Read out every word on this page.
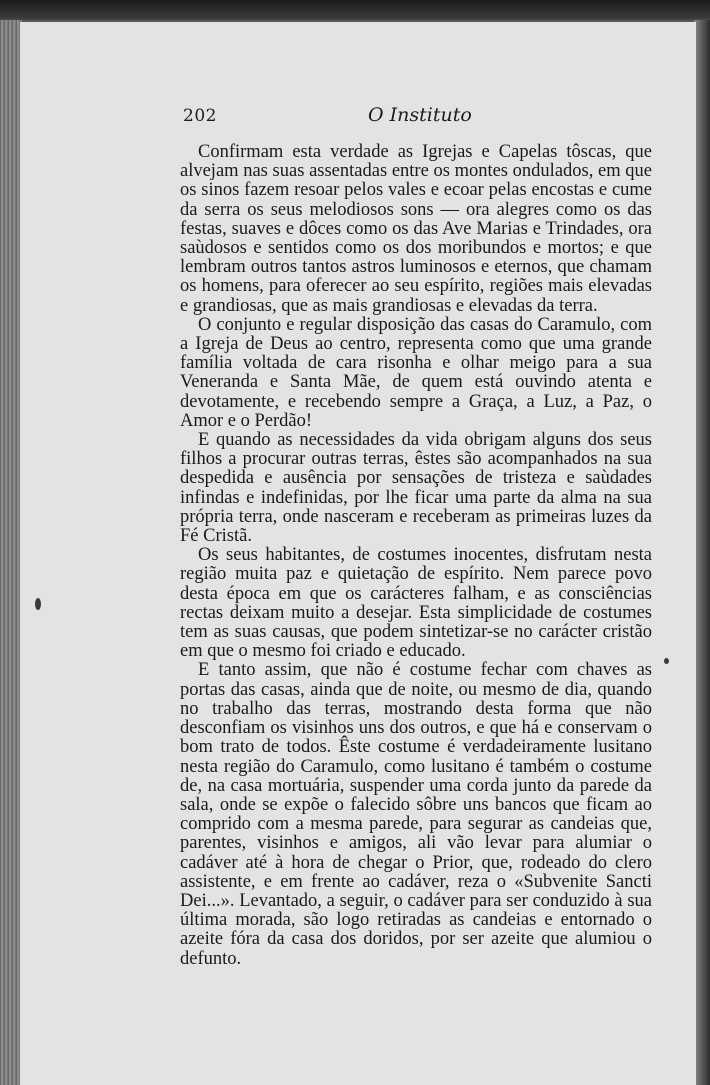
202	O Instituto

Confirmam esta verdade as Igrejas e Capelas tôscas, que alvejam nas suas assentadas entre os montes ondulados, em que os sinos fazem resoar pelos vales e ecoar pelas encostas e cume da serra os seus melodiosos sons — ora alegres como os das festas, suaves e dôces como os das Ave Marias e Trindades, ora saùdosos e sentidos como os dos moribundos e mortos; e que lembram outros tantos astros luminosos e eternos, que chamam os homens, para oferecer ao seu espírito, regiões mais elevadas e grandiosas, que as mais grandiosas e elevadas da terra.

O conjunto e regular disposição das casas do Caramulo, com a Igreja de Deus ao centro, representa como que uma grande família voltada de cara risonha e olhar meigo para a sua Veneranda e Santa Mãe, de quem está ouvindo atenta e devotamente, e recebendo sempre a Graça, a Luz, a Paz, o Amor e o Perdão!

E quando as necessidades da vida obrigam alguns dos seus filhos a procurar outras terras, êstes são acompanhados na sua despedida e ausência por sensações de tristeza e saùdades infindas e indefinidas, por lhe ficar uma parte da alma na sua própria terra, onde nasceram e receberam as primeiras luzes da Fé Cristã.

Os seus habitantes, de costumes inocentes, disfrutam nesta região muita paz e quietação de espírito. Nem parece povo desta época em que os carácteres falham, e as consciências rectas deixam muito a desejar. Esta simplicidade de costumes tem as suas causas, que podem sintetizar-se no carácter cristão em que o mesmo foi criado e educado.

E tanto assim, que não é costume fechar com chaves as portas das casas, ainda que de noite, ou mesmo de dia, quando no trabalho das terras, mostrando desta forma que não desconfiam os visinhos uns dos outros, e que há e conservam o bom trato de todos. Êste costume é verdadeiramente lusitano nesta região do Caramulo, como lusitano é também o costume de, na casa mortuária, suspender uma corda junto da parede da sala, onde se expõe o falecido sôbre uns bancos que ficam ao comprido com a mesma parede, para segurar as candeias que, parentes, visinhos e amigos, ali vão levar para alumiar o cadáver até à hora de chegar o Prior, que, rodeado do clero assistente, e em frente ao cadáver, reza o «Subvenite Sancti Dei...». Levantado, a seguir, o cadáver para ser conduzido à sua última morada, são logo retiradas as candeias e entornado o azeite fóra da casa dos doridos, por ser azeite que alumiou o defunto.
